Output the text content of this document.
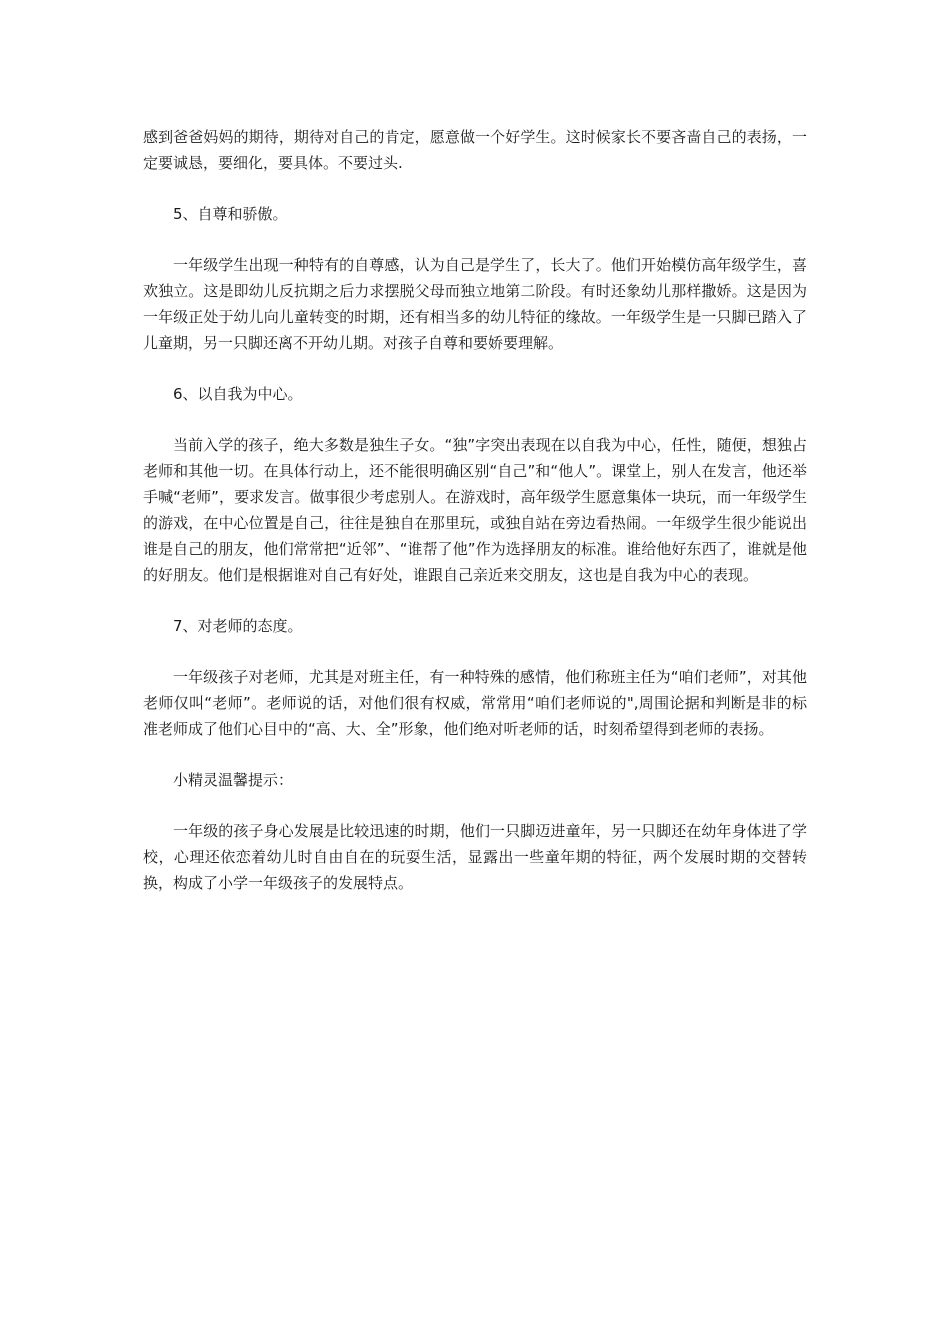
感到爸爸妈妈的期待，期待对自己的肯定，愿意做一个好学生。这时候家长不要吝啬自己的表扬，一定要诚恳，要细化，要具体。不要过头.

5、自尊和骄傲。

一年级学生出现一种特有的自尊感，认为自己是学生了，长大了。他们开始模仿高年级学生，喜欢独立。这是即幼儿反抗期之后力求摆脱父母而独立地第二阶段。有时还象幼儿那样撒娇。这是因为一年级正处于幼儿向儿童转变的时期，还有相当多的幼儿特征的缘故。一年级学生是一只脚已踏入了儿童期，另一只脚还离不开幼儿期。对孩子自尊和要娇要理解。

6、以自我为中心。

当前入学的孩子，绝大多数是独生子女。“独”字突出表现在以自我为中心，任性，随便，想独占老师和其他一切。在具体行动上，还不能很明确区别“自己”和“他人”。课堂上，别人在发言，他还举手喊“老师”，要求发言。做事很少考虑别人。在游戏时，高年级学生愿意集体一块玩，而一年级学生的游戏，在中心位置是自己，往往是独自在那里玩，或独自站在旁边看热闹。一年级学生很少能说出谁是自己的朋友，他们常常把“近邻”、“谁帮了他”作为选择朋友的标准。谁给他好东西了，谁就是他的好朋友。他们是根据谁对自己有好处，谁跟自己亲近来交朋友，这也是自我为中心的表现。

7、对老师的态度。

一年级孩子对老师，尤其是对班主任，有一种特殊的感情，他们称班主任为“咱们老师”，对其他老师仅叫“老师”。老师说的话，对他们很有权威，常常用“咱们老师说的",周围论据和判断是非的标准老师成了他们心目中的“高、大、全”形象，他们绝对听老师的话，时刻希望得到老师的表扬。

小精灵温馨提示：

一年级的孩子身心发展是比较迅速的时期，他们一只脚迈进童年，另一只脚还在幼年身体进了学校，心理还依恋着幼儿时自由自在的玩耍生活，显露出一些童年期的特征，两个发展时期的交替转换，构成了小学一年级孩子的发展特点。
